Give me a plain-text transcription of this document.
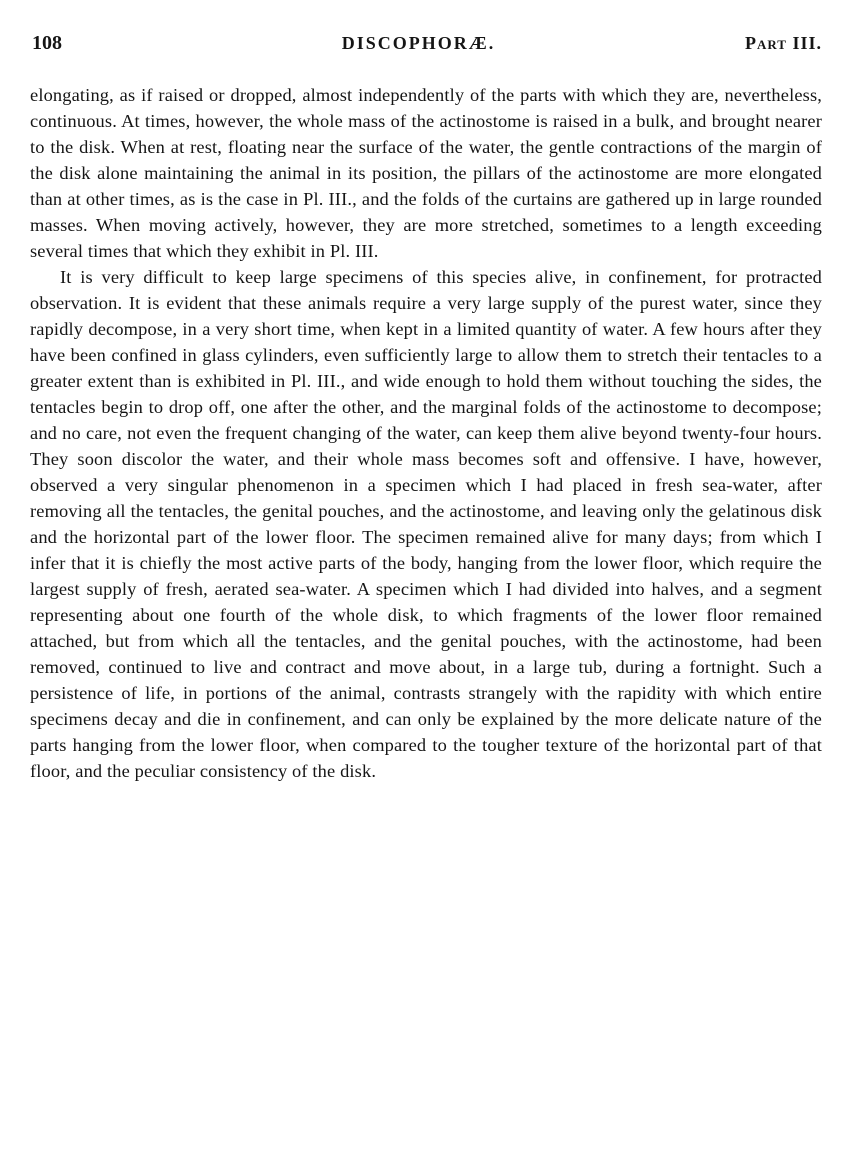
108	DISCOPHORÆ.	Part III.

elongating, as if raised or dropped, almost independently of the parts with which they are, nevertheless, continuous. At times, however, the whole mass of the actinostome is raised in a bulk, and brought nearer to the disk. When at rest, floating near the surface of the water, the gentle contractions of the margin of the disk alone maintaining the animal in its position, the pillars of the actinostome are more elongated than at other times, as is the case in Pl. III., and the folds of the curtains are gathered up in large rounded masses. When moving actively, however, they are more stretched, sometimes to a length exceeding several times that which they exhibit in Pl. III.

It is very difficult to keep large specimens of this species alive, in confinement, for protracted observation. It is evident that these animals require a very large supply of the purest water, since they rapidly decompose, in a very short time, when kept in a limited quantity of water. A few hours after they have been confined in glass cylinders, even sufficiently large to allow them to stretch their tentacles to a greater extent than is exhibited in Pl. III., and wide enough to hold them without touching the sides, the tentacles begin to drop off, one after the other, and the marginal folds of the actinostome to decompose; and no care, not even the frequent changing of the water, can keep them alive beyond twenty-four hours. They soon discolor the water, and their whole mass becomes soft and offensive. I have, however, observed a very singular phenomenon in a specimen which I had placed in fresh sea-water, after removing all the tentacles, the genital pouches, and the actinostome, and leaving only the gelatinous disk and the horizontal part of the lower floor. The specimen remained alive for many days; from which I infer that it is chiefly the most active parts of the body, hanging from the lower floor, which require the largest supply of fresh, aerated sea-water. A specimen which I had divided into halves, and a segment representing about one fourth of the whole disk, to which fragments of the lower floor remained attached, but from which all the tentacles, and the genital pouches, with the actinostome, had been removed, continued to live and contract and move about, in a large tub, during a fortnight. Such a persistence of life, in portions of the animal, contrasts strangely with the rapidity with which entire specimens decay and die in confinement, and can only be explained by the more delicate nature of the parts hanging from the lower floor, when compared to the tougher texture of the horizontal part of that floor, and the peculiar consistency of the disk.
